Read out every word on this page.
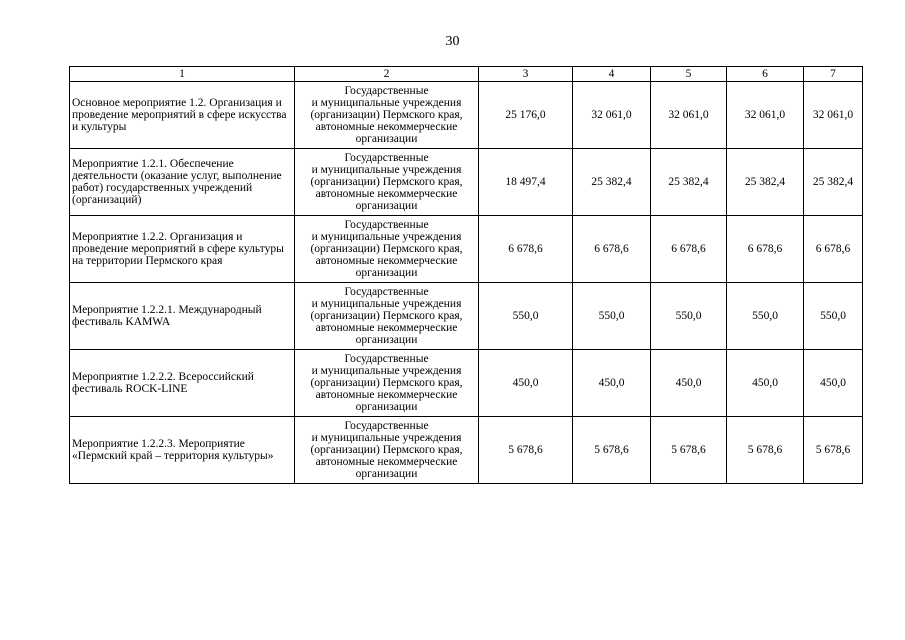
30
1	2	3	4	5	6	7
Основное мероприятие 1.2. Организация и проведение мероприятий в сфере искусства и культуры	Государственные
и муниципальные учреждения
(организации) Пермского края,
автономные некоммерческие
организации	25 176,0	32 061,0	32 061,0	32 061,0	32 061,0
Мероприятие 1.2.1. Обеспечение деятельности (оказание услуг, выполнение работ) государственных учреждений (организаций)	Государственные
и муниципальные учреждения
(организации) Пермского края,
автономные некоммерческие
организации	18 497,4	25 382,4	25 382,4	25 382,4	25 382,4
Мероприятие 1.2.2. Организация и проведение мероприятий в сфере культуры на территории Пермского края	Государственные
и муниципальные учреждения
(организации) Пермского края,
автономные некоммерческие
организации	6 678,6	6 678,6	6 678,6	6 678,6	6 678,6
Мероприятие 1.2.2.1. Международный фестиваль KAMWA	Государственные
и муниципальные учреждения
(организации) Пермского края,
автономные некоммерческие
организации	550,0	550,0	550,0	550,0	550,0
Мероприятие 1.2.2.2. Всероссийский фестиваль ROCK-LINE	Государственные
и муниципальные учреждения
(организации) Пермского края,
автономные некоммерческие
организации	450,0	450,0	450,0	450,0	450,0
Мероприятие 1.2.2.3. Мероприятие «Пермский край – территория культуры»	Государственные
и муниципальные учреждения
(организации) Пермского края,
автономные некоммерческие
организации	5 678,6	5 678,6	5 678,6	5 678,6	5 678,6
